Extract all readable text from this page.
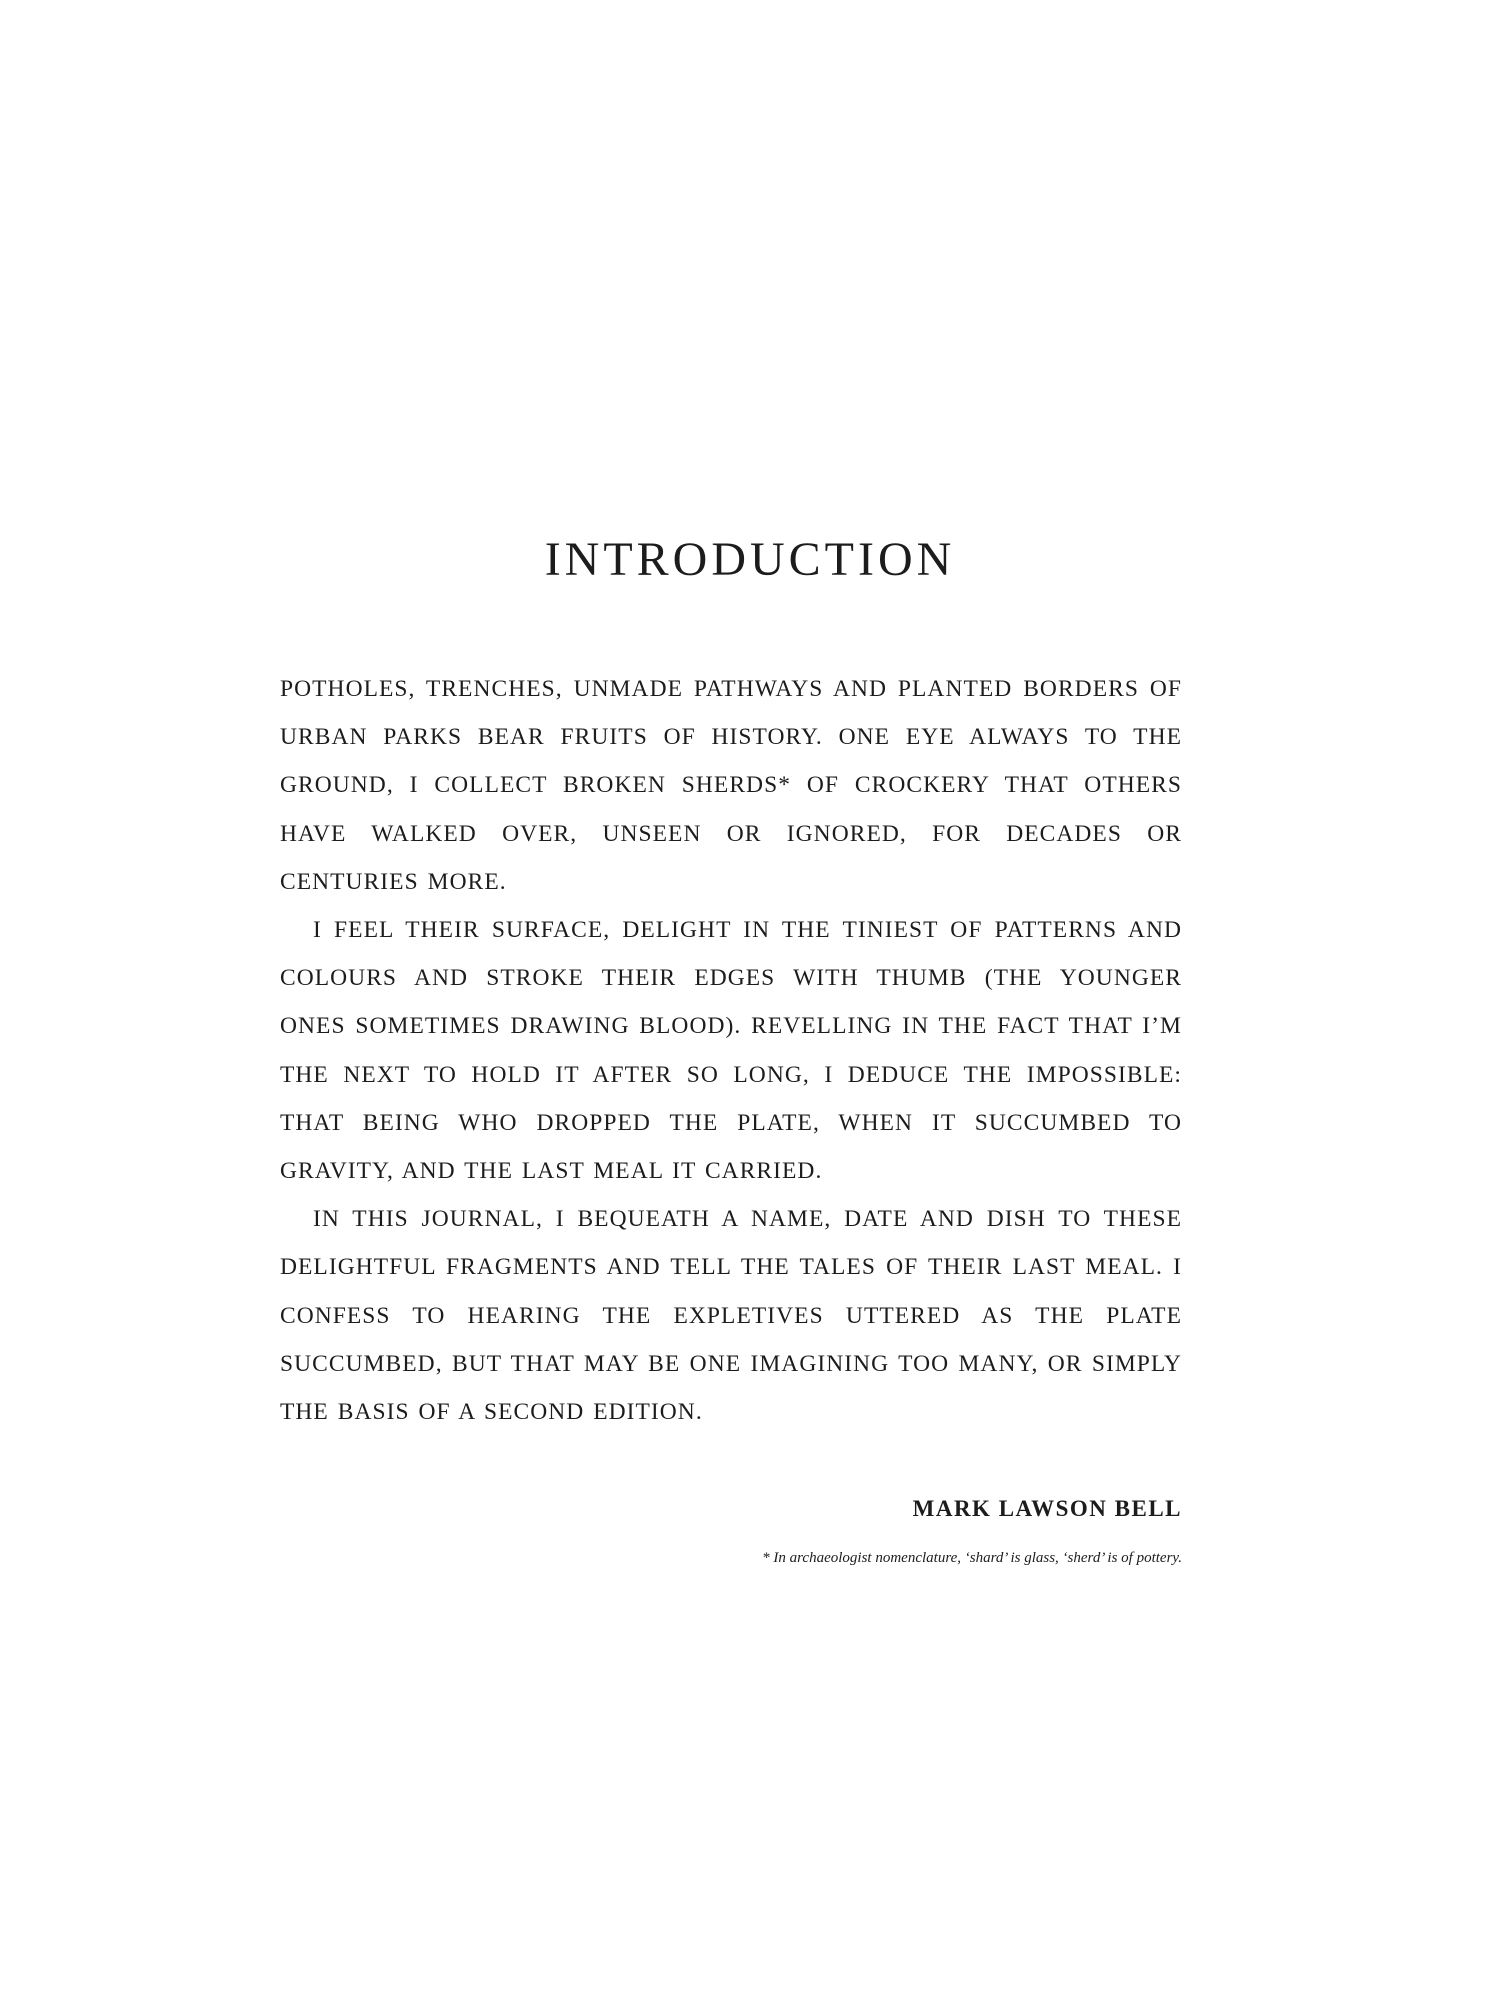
INTRODUCTION

POTHOLES, TRENCHES, UNMADE PATHWAYS AND PLANTED BORDERS OF URBAN PARKS BEAR FRUITS OF HISTORY. ONE EYE ALWAYS TO THE GROUND, I COLLECT BROKEN SHERDS* OF CROCKERY THAT OTHERS HAVE WALKED OVER, UNSEEN OR IGNORED, FOR DECADES OR CENTURIES MORE.

I FEEL THEIR SURFACE, DELIGHT IN THE TINIEST OF PATTERNS AND COLOURS AND STROKE THEIR EDGES WITH THUMB (THE YOUNGER ONES SOMETIMES DRAWING BLOOD). REVELLING IN THE FACT THAT I’M THE NEXT TO HOLD IT AFTER SO LONG, I DEDUCE THE IMPOSSIBLE: THAT BEING WHO DROPPED THE PLATE, WHEN IT SUCCUMBED TO GRAVITY, AND THE LAST MEAL IT CARRIED.

IN THIS JOURNAL, I BEQUEATH A NAME, DATE AND DISH TO THESE DELIGHTFUL FRAGMENTS AND TELL THE TALES OF THEIR LAST MEAL. I CONFESS TO HEARING THE EXPLETIVES UTTERED AS THE PLATE SUCCUMBED, BUT THAT MAY BE ONE IMAGINING TOO MANY, OR SIMPLY THE BASIS OF A SECOND EDITION.

MARK LAWSON BELL

* In archaeologist nomenclature, ‘shard’ is glass, ‘sherd’ is of pottery.
